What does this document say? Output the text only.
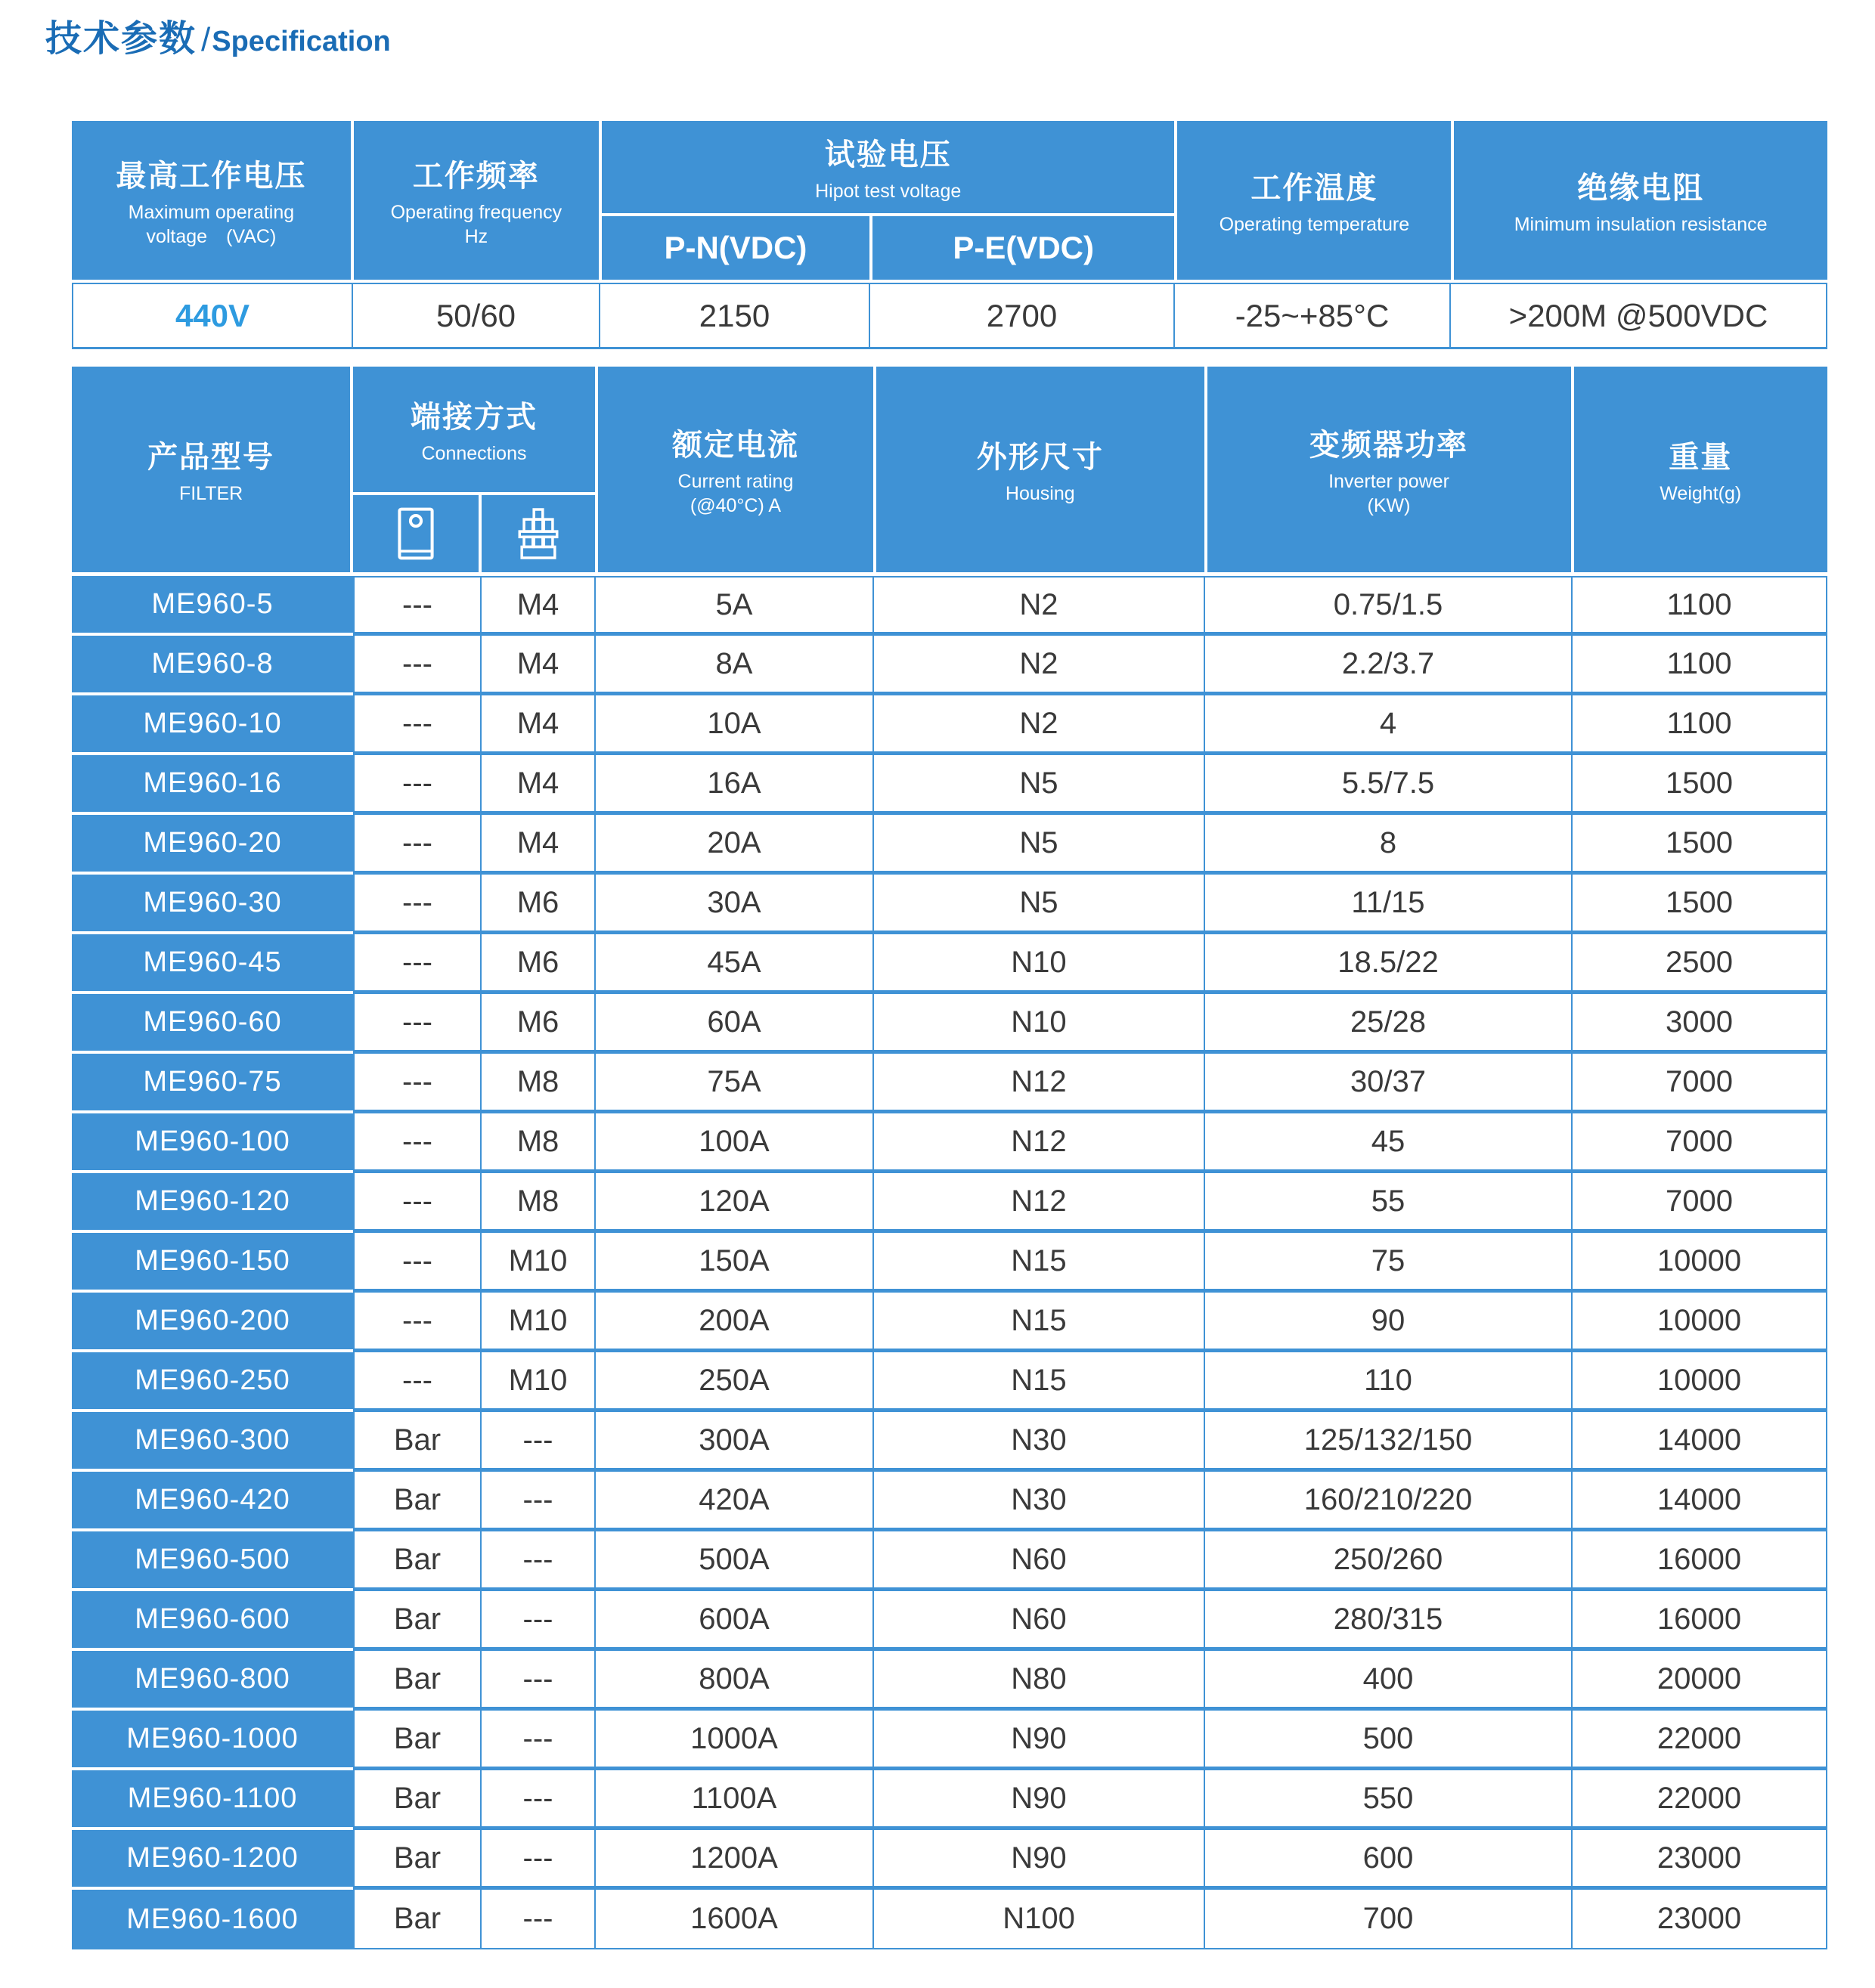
技术参数 / Specification
最高工作电压
Maximum operating
voltage　(VAC)
工作频率
Operating frequency
Hz
试验电压
Hipot test voltage
P-N(VDC)	P-E(VDC)
工作温度
Operating temperature
绝缘电阻
Minimum insulation resistance
440V	50/60	2150	2700	-25~+85°C	>200M @500VDC
产品型号
FILTER
端接方式
Connections	额定电流
Current rating
(@40°C) A
外形尺寸
Housing
变频器功率
Inverter power
(KW)
重量
Weight(g)
ME960-5	---	M4	5A	N2	0.75/1.5	1100
ME960-8	---	M4	8A	N2	2.2/3.7	1100
ME960-10	---	M4	10A	N2	4	1100
ME960-16	---	M4	16A	N5	5.5/7.5	1500
ME960-20	---	M4	20A	N5	8	1500
ME960-30	---	M6	30A	N5	11/15	1500
ME960-45	---	M6	45A	N10	18.5/22	2500
ME960-60	---	M6	60A	N10	25/28	3000
ME960-75	---	M8	75A	N12	30/37	7000
ME960-100	---	M8	100A	N12	45	7000
ME960-120	---	M8	120A	N12	55	7000
ME960-150	---	M10	150A	N15	75	10000
ME960-200	---	M10	200A	N15	90	10000
ME960-250	---	M10	250A	N15	110	10000
ME960-300	Bar	---	300A	N30	125/132/150	14000
ME960-420	Bar	---	420A	N30	160/210/220	14000
ME960-500	Bar	---	500A	N60	250/260	16000
ME960-600	Bar	---	600A	N60	280/315	16000
ME960-800	Bar	---	800A	N80	400	20000
ME960-1000	Bar	---	1000A	N90	500	22000
ME960-1100	Bar	---	1100A	N90	550	22000
ME960-1200	Bar	---	1200A	N90	600	23000
ME960-1600	Bar	---	1600A	N100	700	23000
